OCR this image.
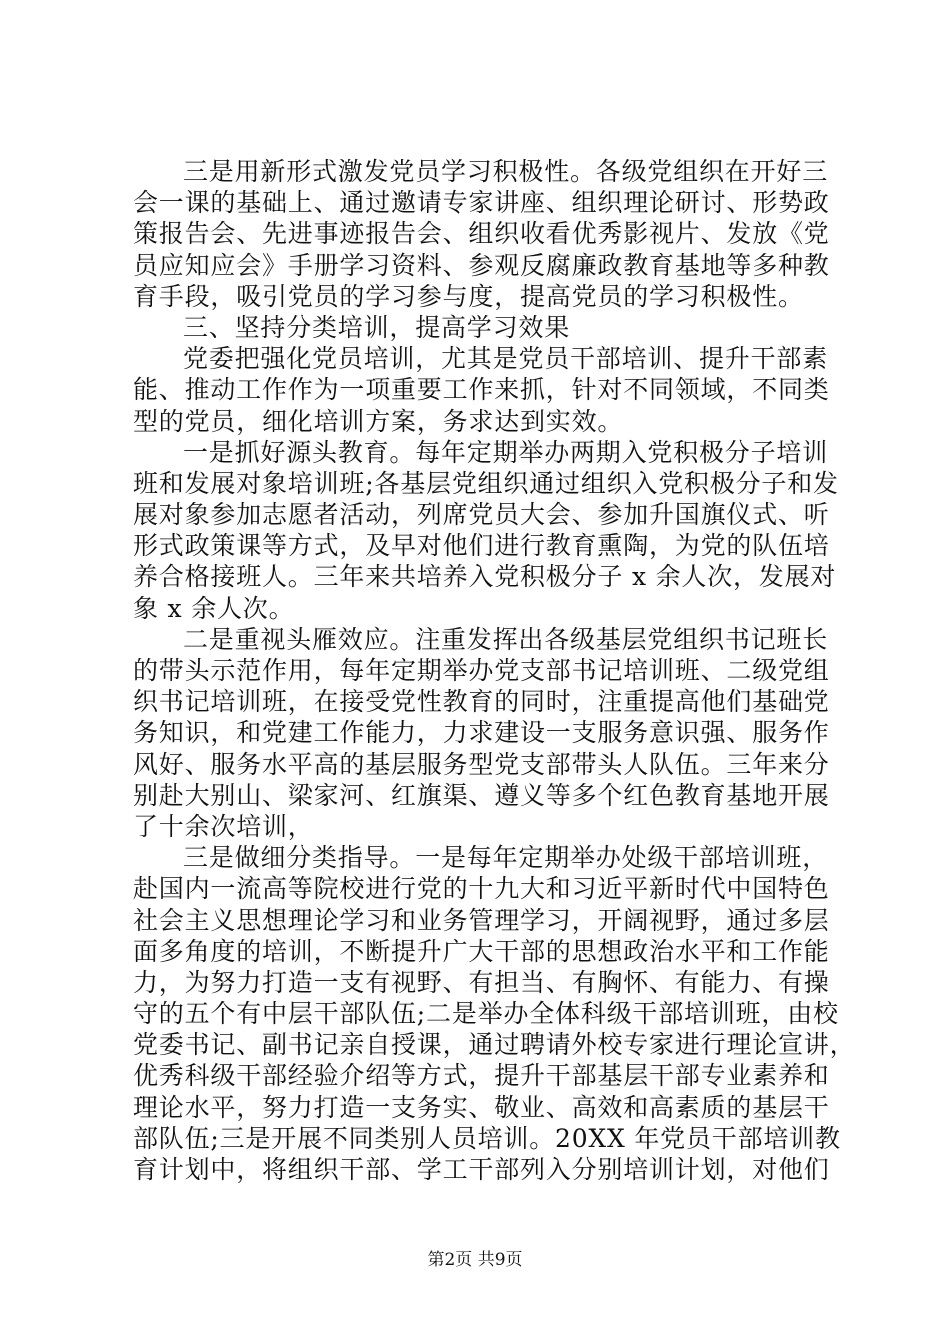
三是用新形式激发党员学习积极性。各级党组织在开好三
会一课的基础上、通过邀请专家讲座、组织理论研讨、形势政
策报告会、先进事迹报告会、组织收看优秀影视片、发放《党
员应知应会》手册学习资料、参观反腐廉政教育基地等多种教
育手段，吸引党员的学习参与度，提高党员的学习积极性。
三、坚持分类培训，提高学习效果
党委把强化党员培训，尤其是党员干部培训、提升干部素
能、推动工作作为一项重要工作来抓，针对不同领域，不同类
型的党员，细化培训方案，务求达到实效。
一是抓好源头教育。每年定期举办两期入党积极分子培训
班和发展对象培训班;各基层党组织通过组织入党积极分子和发
展对象参加志愿者活动，列席党员大会、参加升国旗仪式、听
形式政策课等方式，及早对他们进行教育熏陶，为党的队伍培
养合格接班人。三年来共培养入党积极分子 x 余人次，发展对
象 x 余人次。
二是重视头雁效应。注重发挥出各级基层党组织书记班长
的带头示范作用，每年定期举办党支部书记培训班、二级党组
织书记培训班，在接受党性教育的同时，注重提高他们基础党
务知识，和党建工作能力，力求建设一支服务意识强、服务作
风好、服务水平高的基层服务型党支部带头人队伍。三年来分
别赴大别山、梁家河、红旗渠、遵义等多个红色教育基地开展
了十余次培训，
三是做细分类指导。一是每年定期举办处级干部培训班，
赴国内一流高等院校进行党的十九大和习近平新时代中国特色
社会主义思想理论学习和业务管理学习，开阔视野，通过多层
面多角度的培训，不断提升广大干部的思想政治水平和工作能
力，为努力打造一支有视野、有担当、有胸怀、有能力、有操
守的五个有中层干部队伍;二是举办全体科级干部培训班，由校
党委书记、副书记亲自授课，通过聘请外校专家进行理论宣讲，
优秀科级干部经验介绍等方式，提升干部基层干部专业素养和
理论水平，努力打造一支务实、敬业、高效和高素质的基层干
部队伍;三是开展不同类别人员培训。20XX 年党员干部培训教
育计划中，将组织干部、学工干部列入分别培训计划，对他们
第2页 共9页
